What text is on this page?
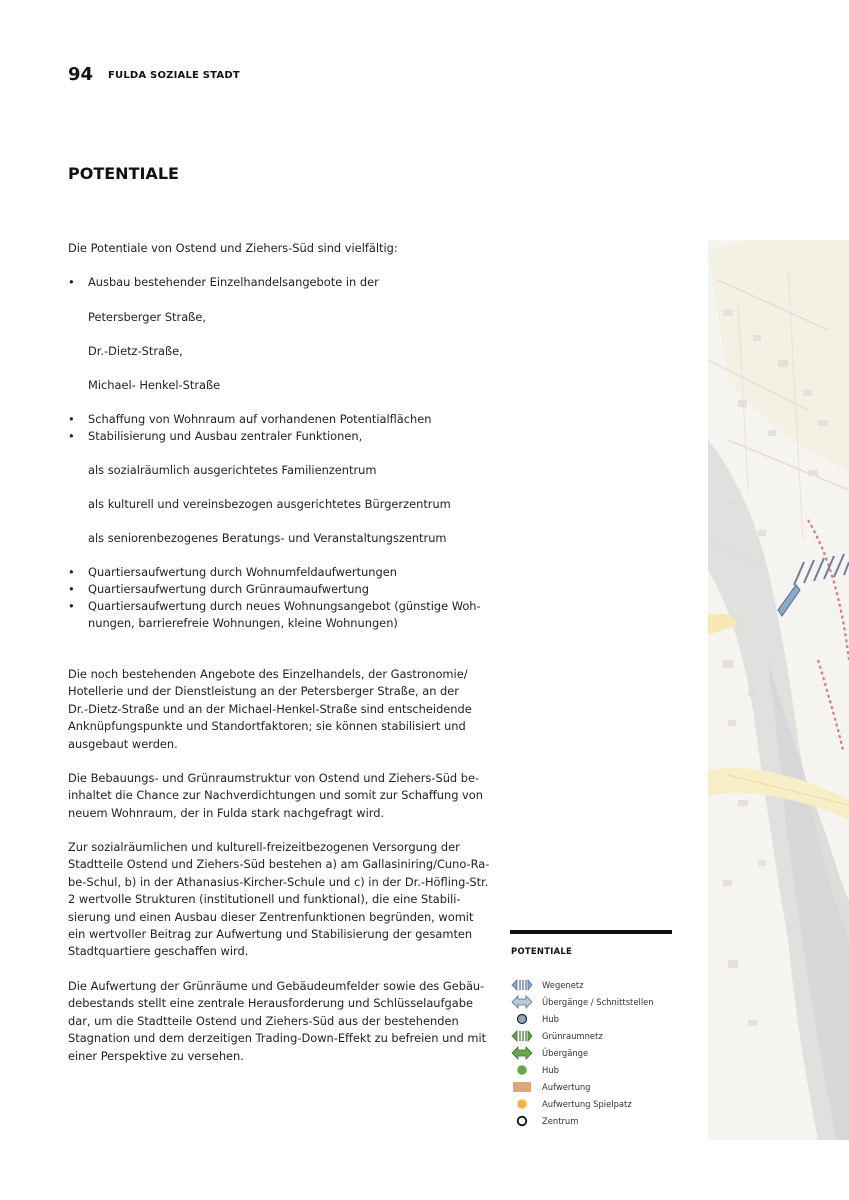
94 FULDA SOZIALE STADT
POTENTIALE

Die Potentiale von Ostend und Ziehers-Süd sind vielfältig:

• Ausbau bestehender Einzelhandelsangebote in der
Petersberger Straße,
Dr.-Dietz-Straße,
Michael- Henkel-Straße
• Schaffung von Wohnraum auf vorhandenen Potentialflächen
• Stabilisierung und Ausbau zentraler Funktionen,
als sozialräumlich ausgerichtetes Familienzentrum
als kulturell und vereinsbezogen ausgerichtetes Bürgerzentrum
als seniorenbezogenes Beratungs- und Veranstaltungszentrum
• Quartiersaufwertung durch Wohnumfeldaufwertungen
• Quartiersaufwertung durch Grünraumaufwertung
• Quartiersaufwertung durch neues Wohnungsangebot (günstige Woh-
nungen, barrierefreie Wohnungen, kleine Wohnungen)
Die noch bestehenden Angebote des Einzelhandels, der Gastronomie/
Hotellerie und der Dienstleistung an der Petersberger Straße, an der
Dr.-Dietz-Straße und an der Michael-Henkel-Straße sind entscheidende
Anknüpfungspunkte und Standortfaktoren; sie können stabilisiert und
ausgebaut werden.
Die Bebauungs- und Grünraumstruktur von Ostend und Ziehers-Süd be-
inhaltet die Chance zur Nachverdichtungen und somit zur Schaffung von
neuem Wohnraum, der in Fulda stark nachgefragt wird.
Zur sozialräumlichen und kulturell-freizeitbezogenen Versorgung der
Stadtteile Ostend und Ziehers-Süd bestehen a) am Gallasiniring/Cuno-Ra-
be-Schul, b) in der Athanasius-Kircher-Schule und c) in der Dr.-Höfling-Str.
2 wertvolle Strukturen (institutionell und funktional), die eine Stabili-
sierung und einen Ausbau dieser Zentrenfunktionen begründen, womit
ein wertvoller Beitrag zur Aufwertung und Stabilisierung der gesamten
Stadtquartiere geschaffen wird.
Die Aufwertung der Grünräume und Gebäudeumfelder sowie des Gebäu-
debestands stellt eine zentrale Herausforderung und Schlüsselaufgabe
dar, um die Stadtteile Ostend und Ziehers-Süd aus der bestehenden
Stagnation und dem derzeitigen Trading-Down-Effekt zu befreien und mit
einer Perspektive zu versehen.
POTENTIALE
Wegenetz
Übergänge / Schnittstellen
Hub
Grünraumnetz
Übergänge
Hub
Aufwertung
Aufwertung Spielpatz
Zentrum
